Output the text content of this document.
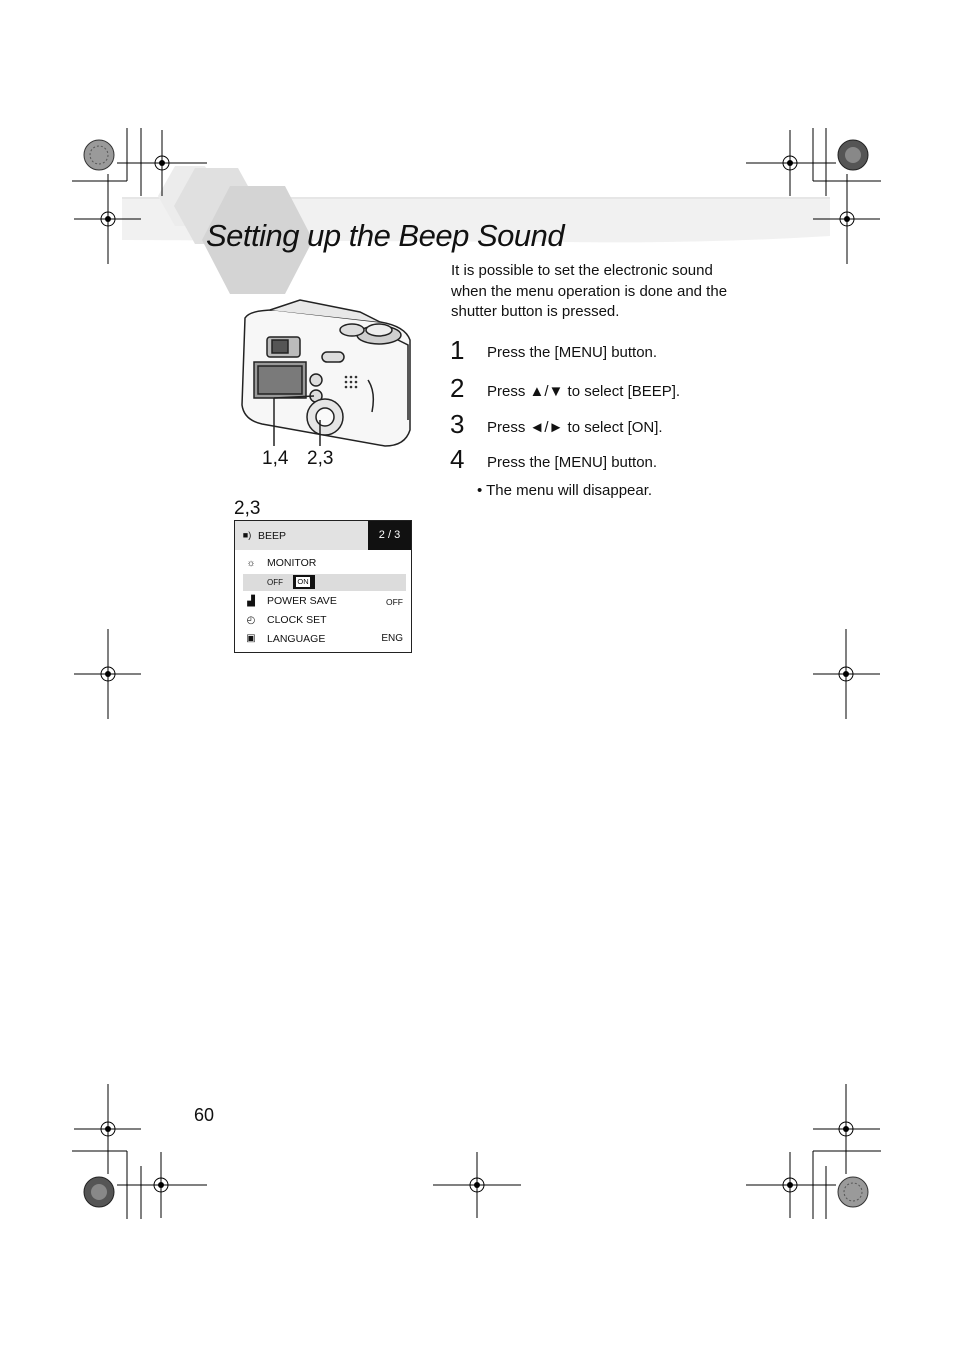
Setting up the Beep Sound
It is possible to set the electronic sound when the menu operation is done and the shutter button is pressed.
1 Press the [MENU] button.
2 Press ▲/▼ to select [BEEP].
3 Press ◄/► to select [ON].
4 Press the [MENU] button.
• The menu will disappear.
1,4 2,3
2,3
■) BEEP	2 / 3
☼ MONITOR
OFF ON
▟ POWER SAVE	OFF
◴ CLOCK SET
▣ LANGUAGE	ENG
60
